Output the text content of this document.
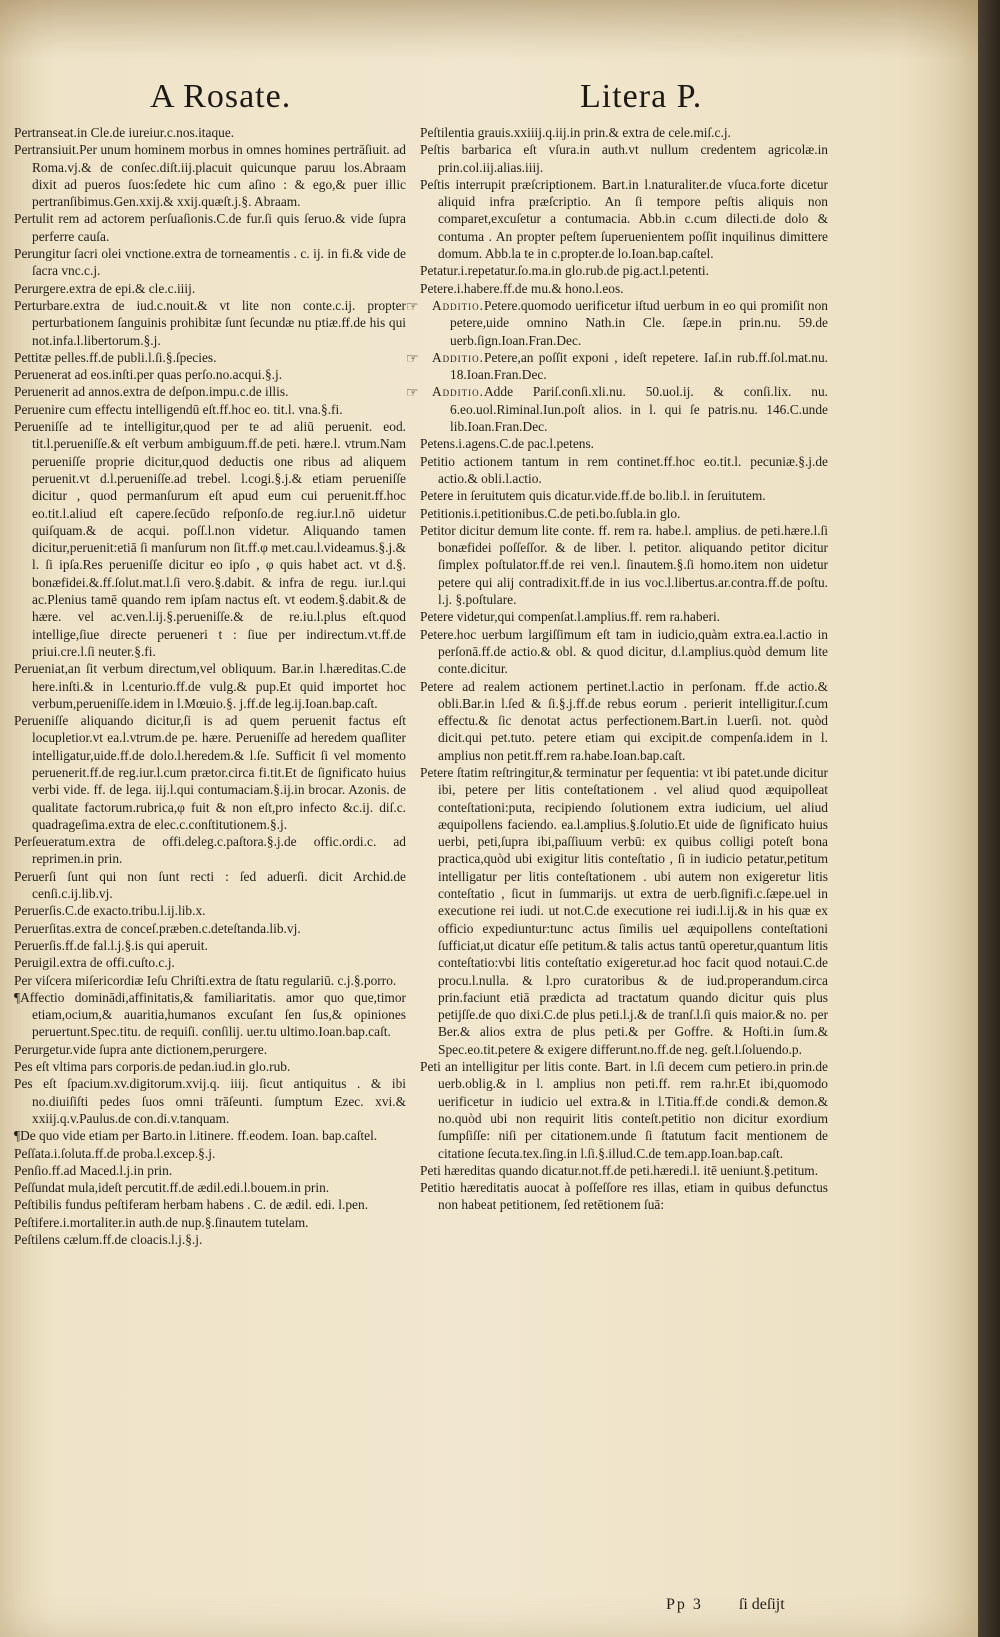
A Rosate.	Litera P.
Pertranseat.in Cle.de iureiur.c.nos.itaque.
Pertransiuit.Per unum hominem morbus in omnes homines pertrāſiuit. ad Roma.vj.& de conſec.diſt.iij.placuit quicunque paruu los.Abraam dixit ad pueros ſuos:ſedete hic cum aſino : & ego,& puer illic pertranſibimus.Gen.xxij.& xxij.quæſt.j.§. Abraam.
Pertulit rem ad actorem perſuaſionis.C.de fur.ſi quis ſeruo.& vide ſupra perferre cauſa.
Perungitur ſacri olei vnctione.extra de torneamentis . c. ij. in fi.& vide de ſacra vnc.c.j.
Perurgere.extra de epi.& cle.c.iiij.
Perturbare.extra de iud.c.nouit.& vt lite non conte.c.ij. propter perturbationem ſanguinis prohibitæ ſunt ſecundæ nu ptiæ.ff.de his qui not.infa.l.libertorum.§.j.
Pettitæ pelles.ff.de publi.l.ſi.§.ſpecies.
Peruenerat ad eos.inſti.per quas perſo.no.acqui.§.j.
Peruenerit ad annos.extra de deſpon.impu.c.de illis.
Peruenire cum effectu intelligendū eſt.ff.hoc eo. tit.l. vna.§.fi.
Perueniſſe ad te intelligitur,quod per te ad aliū peruenit. eod. tit.l.perueniſſe.& eſt verbum ambiguum.ff.de peti. hære.l. vtrum.Nam perueniſſe proprie dicitur,quod deductis one ribus ad aliquem peruenit.vt d.l.perueniſſe.ad trebel. l.cogi.§.j.& etiam perueniſſe dicitur , quod permanſurum eſt apud eum cui peruenit.ff.hoc eo.tit.l.aliud eſt capere.ſecūdo reſponſo.de reg.iur.l.nō uidetur quiſquam.& de acqui. poſſ.l.non videtur. Aliquando tamen dicitur,peruenit:etiā ſi manſurum non ſit.ff.φ met.cau.l.videamus.§.j.& l. ſi ipſa.Res perueniſſe dicitur eo ipſo , φ quis habet act. vt d.§. bonæfidei.&.ff.ſolut.mat.l.ſi vero.§.dabit. & infra de regu. iur.l.qui ac.Plenius tamē quando rem ipſam nactus eſt. vt eodem.§.dabit.& de hære. vel ac.ven.l.ij.§.perueniſſe.& de re.iu.l.plus eſt.quod intellige,ſiue directe perueneri t : ſiue per indirectum.vt.ff.de priui.cre.l.ſi neuter.§.fi.
Perueniat,an ſit verbum directum,vel obliquum. Bar.in l.hæreditas.C.de here.inſti.& in l.centurio.ff.de vulg.& pup.Et quid importet hoc verbum,perueniſſe.idem in l.Mœuio.§. j.ff.de leg.ij.Ioan.bap.caſt.
Perueniſſe aliquando dicitur,ſi is ad quem peruenit factus eſt locupletior.vt ea.l.vtrum.de pe. hære. Perueniſſe ad heredem quaſliter intelligatur,uide.ff.de dolo.l.heredem.& l.ſe. Sufficit ſi vel momento peruenerit.ff.de reg.iur.l.cum prætor.circa fi.tit.Et de ſignificato huius verbi vide. ff. de lega. iij.l.qui contumaciam.§.ij.in brocar. Azonis. de qualitate factorum.rubrica,φ fuit & non eſt,pro infecto &c.ij. diſ.c. quadrageſima.extra de elec.c.conſtitutionem.§.j.
Perſeueratum.extra de offi.deleg.c.paſtora.§.j.de offic.ordi.c. ad reprimen.in prin.
Peruerſi ſunt qui non ſunt recti : ſed aduerſi. dicit Archid.de cenſi.c.ij.lib.vj.
Peruerſis.C.de exacto.tribu.l.ij.lib.x.
Peruerſitas.extra de conceſ.præben.c.deteſtanda.lib.vj.
Peruerſis.ff.de fal.l.j.§.is qui aperuit.
Peruigil.extra de offi.cuſto.c.j.
Per viſcera miſericordiæ Ieſu Chriſti.extra de ſtatu regulariū. c.j.§.porro.
¶Affectio dominādi,affinitatis,& familiaritatis. amor quo que,timor etiam,ocium,& auaritia,humanos excuſant ſen ſus,& opiniones peruertunt.Spec.titu. de requiſi. conſilij. uer.tu ultimo.Ioan.bap.caſt.
Perurgetur.vide ſupra ante dictionem,perurgere.
Pes eſt vltima pars corporis.de pedan.iud.in glo.rub.
Pes eſt ſpacium.xv.digitorum.xvij.q. iiij. ſicut antiquitus . & ibi no.diuiſiſti pedes ſuos omni trāſeunti. ſumptum Ezec. xvi.& xxiij.q.v.Paulus.de con.di.v.tanquam.
¶De quo vide etiam per Barto.in l.itinere. ff.eodem. Ioan. bap.caſtel.
Peſſata.i.ſoluta.ff.de proba.l.excep.§.j.
Penſio.ff.ad Maced.l.j.in prin.
Peſſundat mula,ideſt percutit.ff.de ædil.edi.l.bouem.in prin.
Peſtibilis fundus peſtiferam herbam habens . C. de ædil. edi. l.pen.
Peſtifere.i.mortaliter.in auth.de nup.§.ſinautem tutelam.
Peſtilens cælum.ff.de cloacis.l.j.§.j.
Peſtilentia grauis.xxiiij.q.iij.in prin.& extra de cele.miſ.c.j.
Peſtis barbarica eſt vſura.in auth.vt nullum credentem agricolæ.in prin.col.iij.alias.iiij.
Peſtis interrupit præſcriptionem. Bart.in l.naturaliter.de vſuca.forte dicetur aliquid infra præſcriptio. An ſi tempore peſtis aliquis non comparet,excuſetur a contumacia. Abb.in c.cum dilecti.de dolo & contuma . An propter peſtem ſuperuenientem poſſit inquilinus dimittere domum. Abb.la te in c.propter.de lo.Ioan.bap.caſtel.
Petatur.i.repetatur.ſo.ma.in glo.rub.de pig.act.l.petenti.
Petere.i.habere.ff.de mu.& hono.l.eos.
☞	Additio.Petere.quomodo uerificetur iſtud uerbum in eo qui promiſit non petere,uide omnino Nath.in Cle. ſæpe.in prin.nu. 59.de uerb.ſign.Ioan.Fran.Dec.
☞	Additio.Petere,an poſſit exponi , ideſt repetere. Iaſ.in rub.ff.ſol.mat.nu. 18.Ioan.Fran.Dec.
☞	Additio.Adde Pariſ.conſi.xli.nu. 50.uol.ij. & conſi.lix. nu. 6.eo.uol.Riminal.Iun.poſt alios. in l. qui ſe patris.nu. 146.C.unde lib.Ioan.Fran.Dec.
Petens.i.agens.C.de pac.l.petens.
Petitio actionem tantum in rem continet.ff.hoc eo.tit.l. pecuniæ.§.j.de actio.& obli.l.actio.
Petere in ſeruitutem quis dicatur.vide.ff.de bo.lib.l. in ſeruitutem.
Petitionis.i.petitionibus.C.de peti.bo.ſubla.in glo.
Petitor dicitur demum lite conte. ff. rem ra. habe.l. amplius. de peti.hære.l.ſi bonæfidei poſſeſſor. & de liber. l. petitor. aliquando petitor dicitur ſimplex poſtulator.ff.de rei ven.l. ſinautem.§.ſi homo.item non uidetur petere qui alij contradixit.ff.de in ius voc.l.libertus.ar.contra.ff.de poſtu. l.j. §.poſtulare.
Petere videtur,qui compenſat.l.amplius.ff. rem ra.haberi.
Petere.hoc uerbum largiſſimum eſt tam in iudicio,quàm extra.ea.l.actio in perſonā.ff.de actio.& obl. & quod dicitur, d.l.amplius.quòd demum lite conte.dicitur.
Petere ad realem actionem pertinet.l.actio in perſonam. ff.de actio.& obli.Bar.in l.ſed & ſi.§.j.ff.de rebus eorum . perierit intelligitur.ſ.cum effectu.& ſic denotat actus perfectionem.Bart.in l.uerſi. not. quòd dicit.qui pet.tuto. petere etiam qui excipit.de compenſa.idem in l. amplius non petit.ff.rem ra.habe.Ioan.bap.caſt.
Petere ſtatim reſtringitur,& terminatur per ſequentia: vt ibi patet.unde dicitur ibi, petere per litis conteſtationem . vel aliud quod æquipolleat conteſtationi:puta, recipiendo ſolutionem extra iudicium, uel aliud æquipollens faciendo. ea.l.amplius.§.ſolutio.Et uide de ſignificato huius uerbi, peti,ſupra ibi,paſſiuum verbū: ex quibus colligi poteſt bona practica,quòd ubi exigitur litis conteſtatio , ſi in iudicio petatur,petitum intelligatur per litis conteſtationem . ubi autem non exigeretur litis conteſtatio , ſicut in ſummarijs. ut extra de uerb.ſignifi.c.ſæpe.uel in executione rei iudi. ut not.C.de executione rei iudi.l.ij.& in his quæ ex officio expediuntur:tunc actus ſimilis uel æquipollens conteſtationi ſufficiat,ut dicatur eſſe petitum.& talis actus tantū operetur,quantum litis conteſtatio:vbi litis conteſtatio exigeretur.ad hoc facit quod notaui.C.de procu.l.nulla. & l.pro curatoribus & de iud.properandum.circa prin.faciunt etiā prædicta ad tractatum quando dicitur quis plus petijſſe.de quo dixi.C.de plus peti.l.j.& de tranſ.l.ſi quis maior.& no. per Ber.& alios extra de plus peti.& per Goffre. & Hoſti.in ſum.& Spec.eo.tit.petere & exigere differunt.no.ff.de neg. geſt.l.ſoluendo.p.
Peti an intelligitur per litis conte. Bart. in l.ſi decem cum petiero.in prin.de uerb.oblig.& in l. amplius non peti.ff. rem ra.hr.Et ibi,quomodo uerificetur in iudicio uel extra.& in l.Titia.ff.de condi.& demon.& no.quòd ubi non requirit litis conteſt.petitio non dicitur exordium ſumpſiſſe: niſi per citationem.unde ſi ſtatutum facit mentionem de citatione ſecuta.tex.ſing.in l.ſi.§.illud.C.de tem.app.Ioan.bap.caſt.
Peti hæreditas quando dicatur.not.ff.de peti.hæredi.l. itē ueniunt.§.petitum.
Petitio hæreditatis auocat à poſſeſſore res illas, etiam in quibus defunctus non habeat petitionem, ſed retētionem ſuā:
Pp 3 ſi deſijt
